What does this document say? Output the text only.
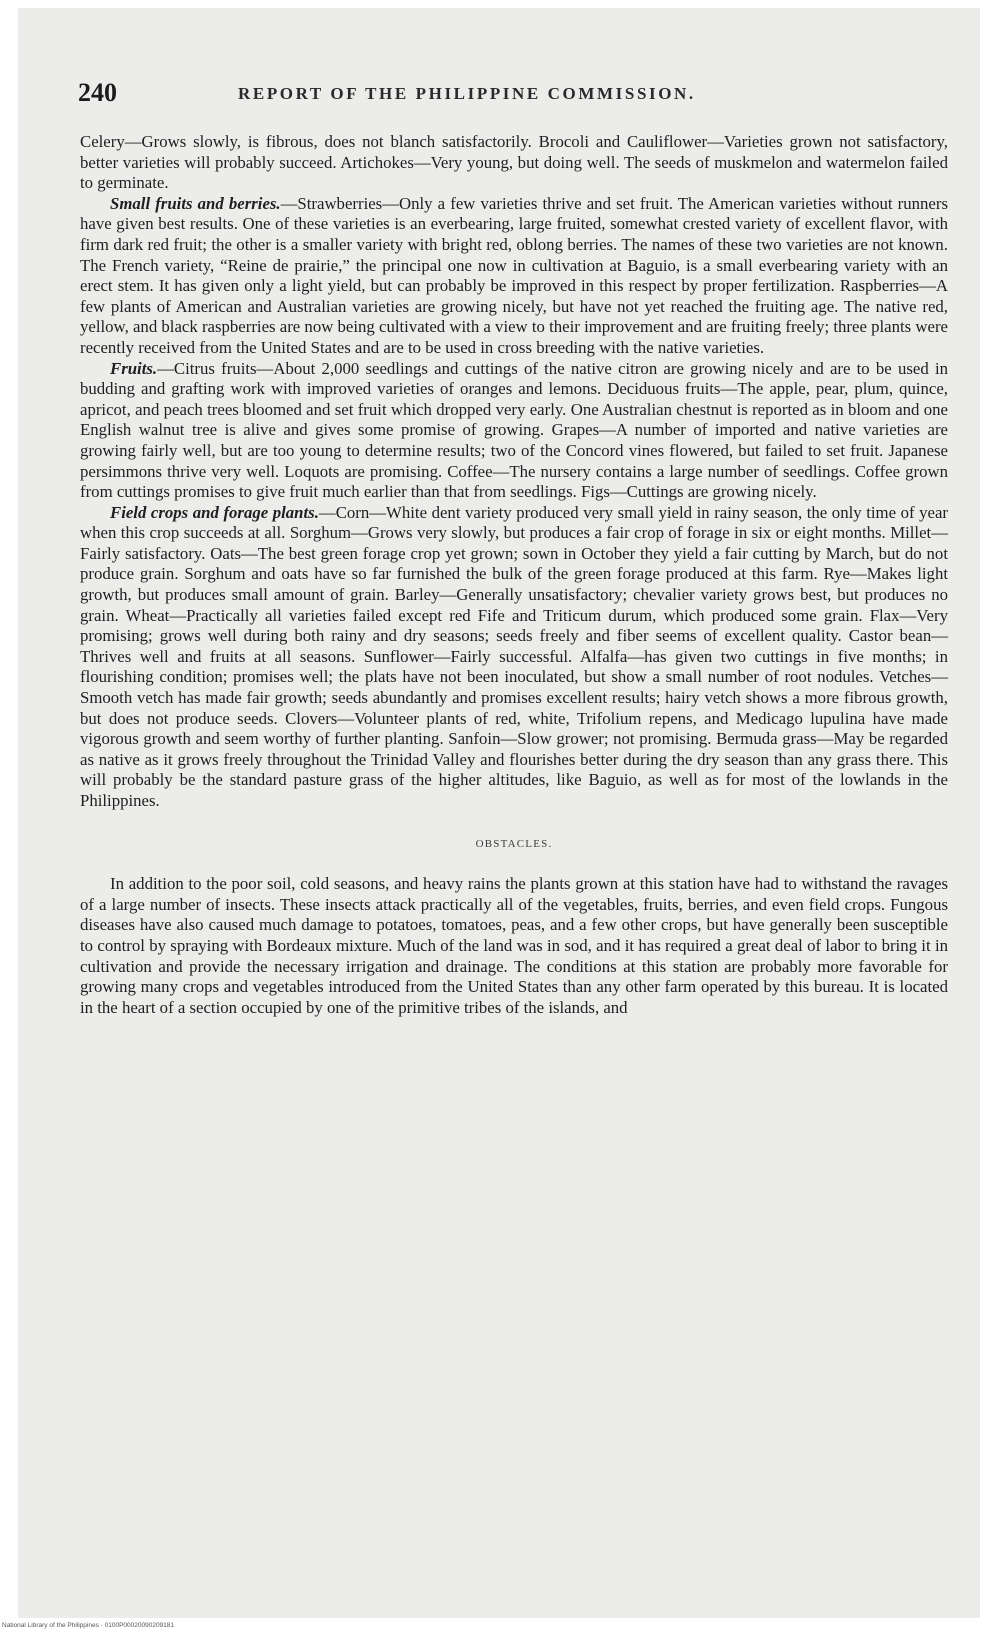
240	REPORT OF THE PHILIPPINE COMMISSION.

Celery—Grows slowly, is fibrous, does not blanch satisfactorily. Brocoli and Cauliflower—Varieties grown not satisfactory, better varieties will probably succeed. Artichokes—Very young, but doing well. The seeds of muskmelon and watermelon failed to germinate.

Small fruits and berries.—Strawberries—Only a few varieties thrive and set fruit. The American varieties without runners have given best results. One of these varieties is an everbearing, large fruited, somewhat crested variety of excellent flavor, with firm dark red fruit; the other is a smaller variety with bright red, oblong berries. The names of these two varieties are not known. The French variety, “Reine de prairie,” the principal one now in cultivation at Baguio, is a small everbearing variety with an erect stem. It has given only a light yield, but can probably be improved in this respect by proper fertilization. Raspberries—A few plants of American and Australian varieties are growing nicely, but have not yet reached the fruiting age. The native red, yellow, and black raspberries are now being cultivated with a view to their improvement and are fruiting freely; three plants were recently received from the United States and are to be used in cross breeding with the native varieties.

Fruits.—Citrus fruits—About 2,000 seedlings and cuttings of the native citron are growing nicely and are to be used in budding and grafting work with improved varieties of oranges and lemons. Deciduous fruits—The apple, pear, plum, quince, apricot, and peach trees bloomed and set fruit which dropped very early. One Australian chestnut is reported as in bloom and one English walnut tree is alive and gives some promise of growing. Grapes—A number of imported and native varieties are growing fairly well, but are too young to determine results; two of the Concord vines flowered, but failed to set fruit. Japanese persimmons thrive very well. Loquots are promising. Coffee—The nursery contains a large number of seedlings. Coffee grown from cuttings promises to give fruit much earlier than that from seedlings. Figs—Cuttings are growing nicely.

Field crops and forage plants.—Corn—White dent variety produced very small yield in rainy season, the only time of year when this crop succeeds at all. Sorghum—Grows very slowly, but produces a fair crop of forage in six or eight months. Millet—Fairly satisfactory. Oats—The best green forage crop yet grown; sown in October they yield a fair cutting by March, but do not produce grain. Sorghum and oats have so far furnished the bulk of the green forage produced at this farm. Rye—Makes light growth, but produces small amount of grain. Barley—Generally unsatisfactory; chevalier variety grows best, but produces no grain. Wheat—Practically all varieties failed except red Fife and Triticum durum, which produced some grain. Flax—Very promising; grows well during both rainy and dry seasons; seeds freely and fiber seems of excellent quality. Castor bean—Thrives well and fruits at all seasons. Sunflower—Fairly successful. Alfalfa—has given two cuttings in five months; in flourishing condition; promises well; the plats have not been inoculated, but show a small number of root nodules. Vetches—Smooth vetch has made fair growth; seeds abundantly and promises excellent results; hairy vetch shows a more fibrous growth, but does not produce seeds. Clovers—Volunteer plants of red, white, Trifolium repens, and Medicago lupulina have made vigorous growth and seem worthy of further planting. Sanfoin—Slow grower; not promising. Bermuda grass—May be regarded as native as it grows freely throughout the Trinidad Valley and flourishes better during the dry season than any grass there. This will probably be the standard pasture grass of the higher altitudes, like Baguio, as well as for most of the lowlands in the Philippines.

OBSTACLES.

In addition to the poor soil, cold seasons, and heavy rains the plants grown at this station have had to withstand the ravages of a large number of insects. These insects attack practically all of the vegetables, fruits, berries, and even field crops. Fungous diseases have also caused much damage to potatoes, tomatoes, peas, and a few other crops, but have generally been susceptible to control by spraying with Bordeaux mixture. Much of the land was in sod, and it has required a great deal of labor to bring it in cultivation and provide the necessary irrigation and drainage. The conditions at this station are probably more favorable for growing many crops and vegetables introduced from the United States than any other farm operated by this bureau. It is located in the heart of a section occupied by one of the primitive tribes of the islands, and

National Library of the Philippines · 0100P00020090209181
